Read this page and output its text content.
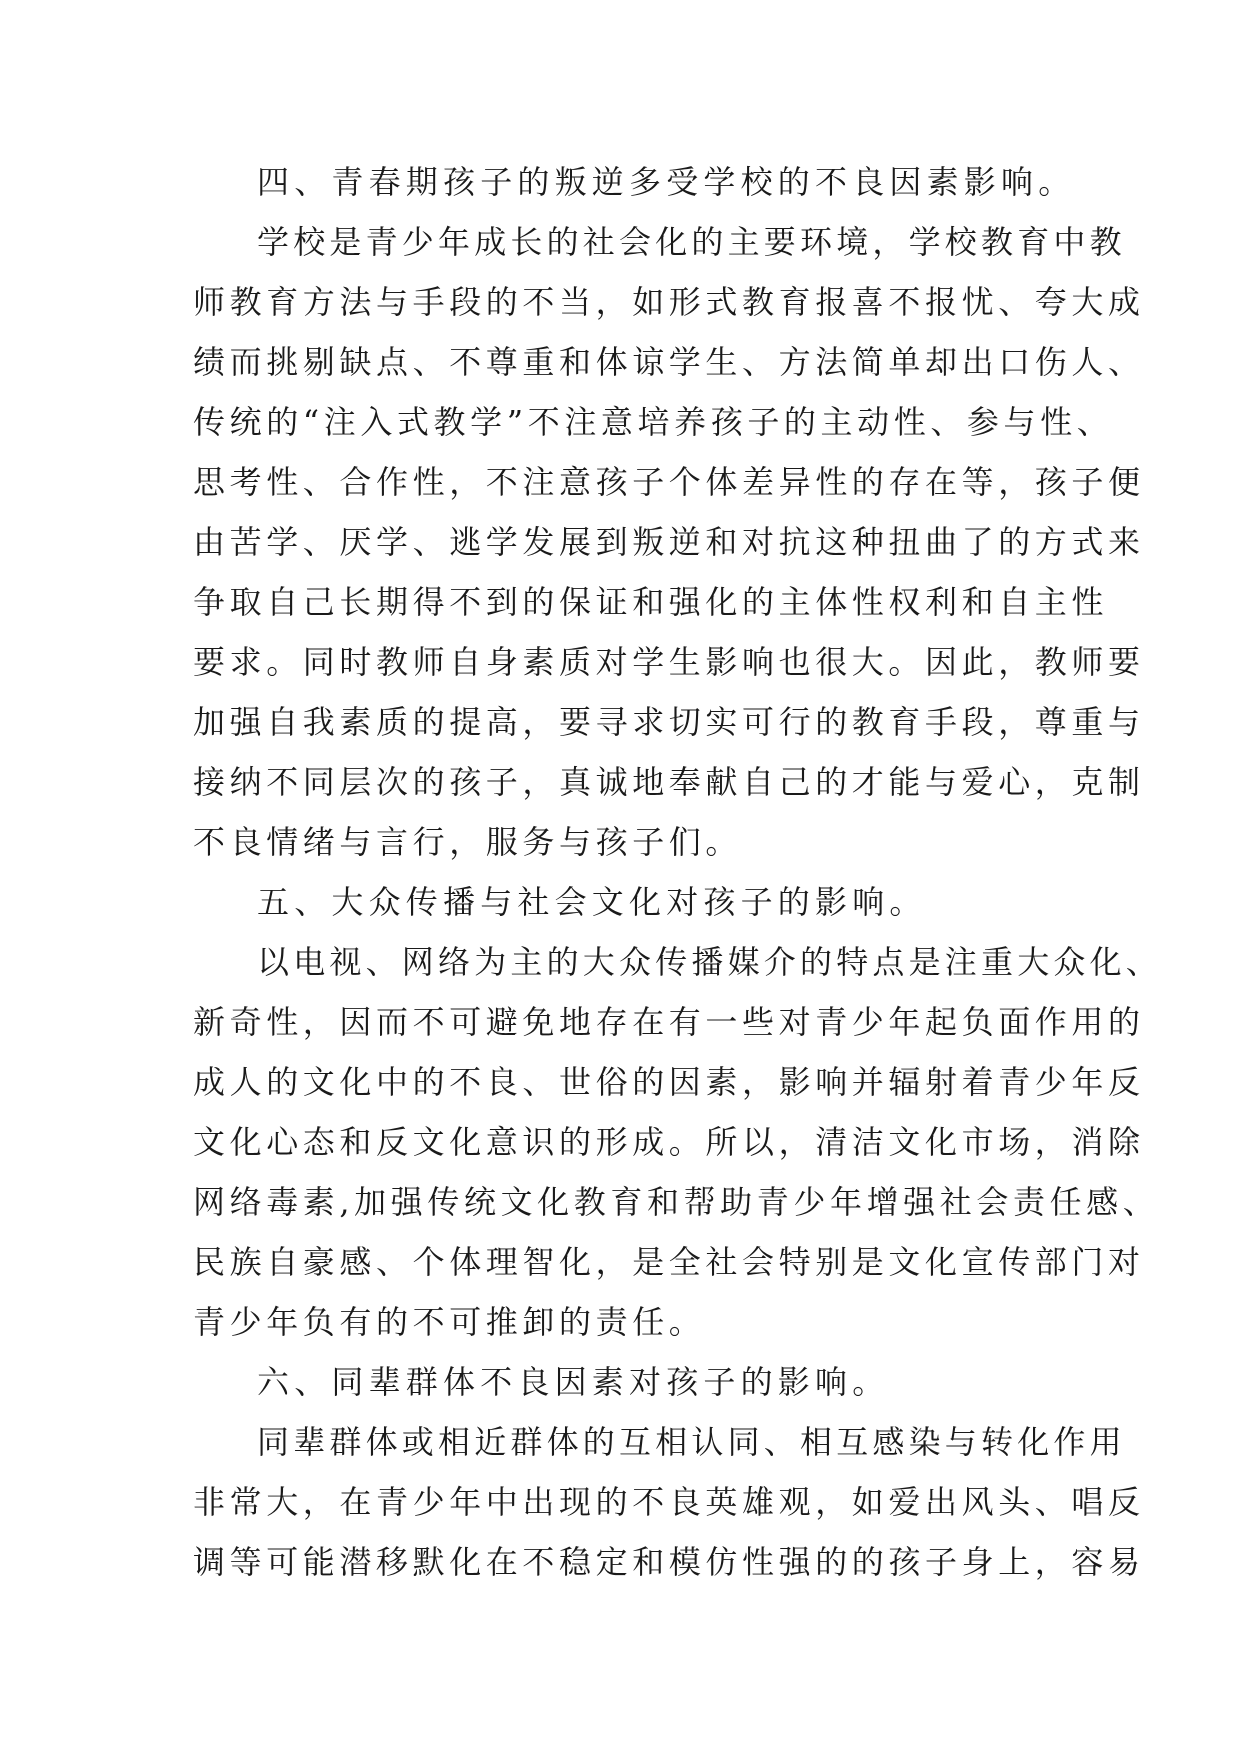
四、青春期孩子的叛逆多受学校的不良因素影响。
学校是青少年成长的社会化的主要环境，学校教育中教
师教育方法与手段的不当，如形式教育报喜不报忧、夸大成
绩而挑剔缺点、不尊重和体谅学生、方法简单却出口伤人、
传统的“注入式教学”不注意培养孩子的主动性、参与性、
思考性、合作性，不注意孩子个体差异性的存在等，孩子便
由苦学、厌学、逃学发展到叛逆和对抗这种扭曲了的方式来
争取自己长期得不到的保证和强化的主体性权利和自主性
要求。同时教师自身素质对学生影响也很大。因此，教师要
加强自我素质的提高，要寻求切实可行的教育手段，尊重与
接纳不同层次的孩子，真诚地奉献自己的才能与爱心，克制
不良情绪与言行，服务与孩子们。
五、大众传播与社会文化对孩子的影响。
以电视、网络为主的大众传播媒介的特点是注重大众化、
新奇性，因而不可避免地存在有一些对青少年起负面作用的
成人的文化中的不良、世俗的因素，影响并辐射着青少年反
文化心态和反文化意识的形成。所以，清洁文化市场，消除
网络毒素,加强传统文化教育和帮助青少年增强社会责任感、
民族自豪感、个体理智化，是全社会特别是文化宣传部门对
青少年负有的不可推卸的责任。
六、同辈群体不良因素对孩子的影响。
同辈群体或相近群体的互相认同、相互感染与转化作用
非常大，在青少年中出现的不良英雄观，如爱出风头、唱反
调等可能潜移默化在不稳定和模仿性强的的孩子身上，容易
